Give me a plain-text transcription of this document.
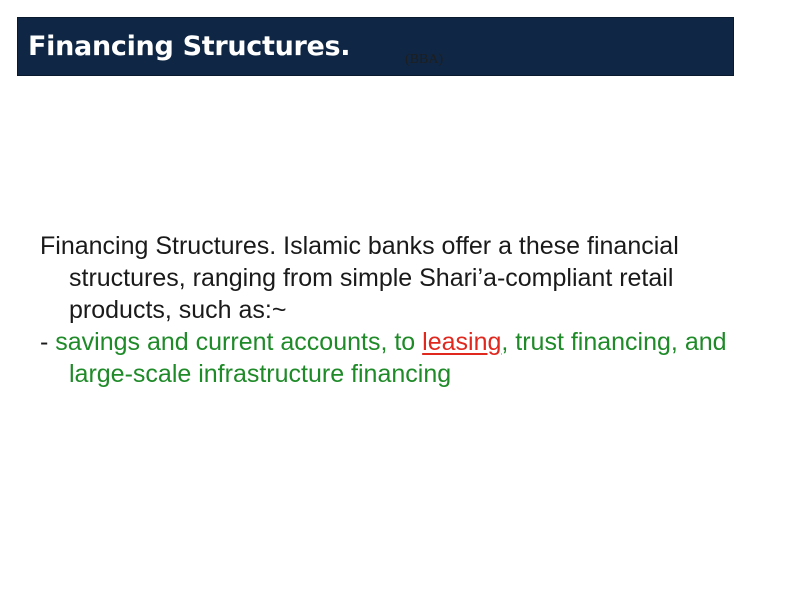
Financing Structures.	(BBA)

Financing Structures. Islamic banks offer a these financial structures, ranging from simple Shari’a-compliant retail products, such as:~

- savings and current accounts, to leasing, trust financing, and large-scale infrastructure financing
